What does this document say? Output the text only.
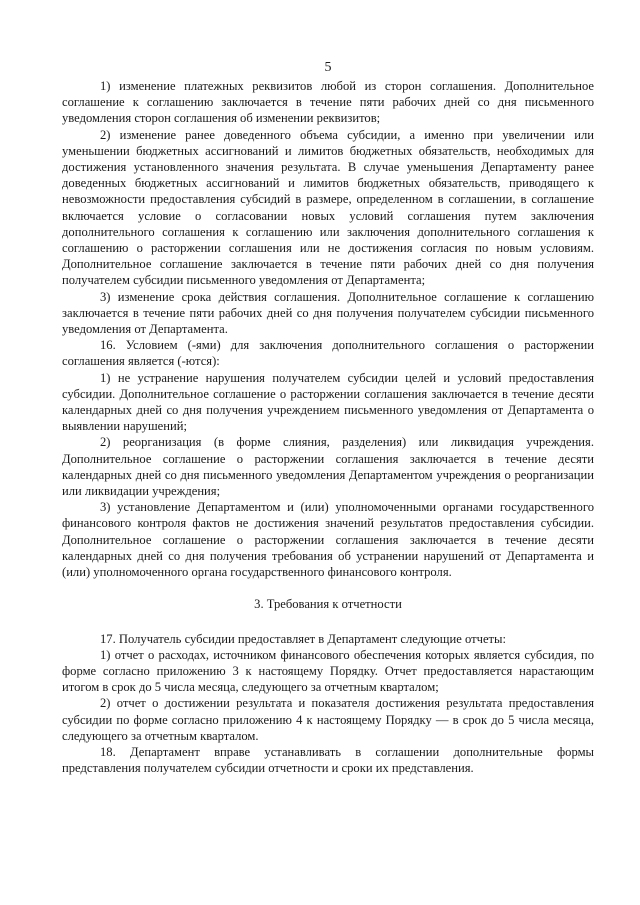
5

1) изменение платежных реквизитов любой из сторон соглашения. Дополнительное соглашение к соглашению заключается в течение пяти рабочих дней со дня письменного уведомления сторон соглашения об изменении реквизитов;

2) изменение ранее доведенного объема субсидии, а именно при увеличении или уменьшении бюджетных ассигнований и лимитов бюджетных обязательств, необходимых для достижения установленного значения результата. В случае уменьшения Департаменту ранее доведенных бюджетных ассигнований и лимитов бюджетных обязательств, приводящего к невозможности предоставления субсидий в размере, определенном в соглашении, в соглашение включается условие о согласовании новых условий соглашения путем заключения дополнительного соглашения к соглашению или заключения дополнительного соглашения к соглашению о расторжении соглашения или не достижения согласия по новым условиям. Дополнительное соглашение заключается в течение пяти рабочих дней со дня получения получателем субсидии письменного уведомления от Департамента;

3) изменение срока действия соглашения. Дополнительное соглашение к соглашению заключается в течение пяти рабочих дней со дня получения получателем субсидии письменного уведомления от Департамента.

16. Условием (-ями) для заключения дополнительного соглашения о расторжении соглашения является (-ются):

1) не устранение нарушения получателем субсидии целей и условий предоставления субсидии. Дополнительное соглашение о расторжении соглашения заключается в течение десяти календарных дней со дня получения учреждением письменного уведомления от Департамента о выявлении нарушений;

2) реорганизация (в форме слияния, разделения) или ликвидация учреждения. Дополнительное соглашение о расторжении соглашения заключается в течение десяти календарных дней со дня письменного уведомления Департаментом учреждения о реорганизации или ликвидации учреждения;

3) установление Департаментом и (или) уполномоченными органами государственного финансового контроля фактов не достижения значений результатов предоставления субсидии. Дополнительное соглашение о расторжении соглашения заключается в течение десяти календарных дней со дня получения требования об устранении нарушений от Департамента и (или) уполномоченного органа государственного финансового контроля.

3. Требования к отчетности

17. Получатель субсидии предоставляет в Департамент следующие отчеты:

1) отчет о расходах, источником финансового обеспечения которых является субсидия, по форме согласно приложению 3 к настоящему Порядку. Отчет предоставляется нарастающим итогом в срок до 5 числа месяца, следующего за отчетным кварталом;

2) отчет о достижении результата и показателя достижения результата предоставления субсидии по форме согласно приложению 4 к настоящему Порядку — в срок до 5 числа месяца, следующего за отчетным кварталом.

18. Департамент вправе устанавливать в соглашении дополнительные формы представления получателем субсидии отчетности и сроки их представления.
